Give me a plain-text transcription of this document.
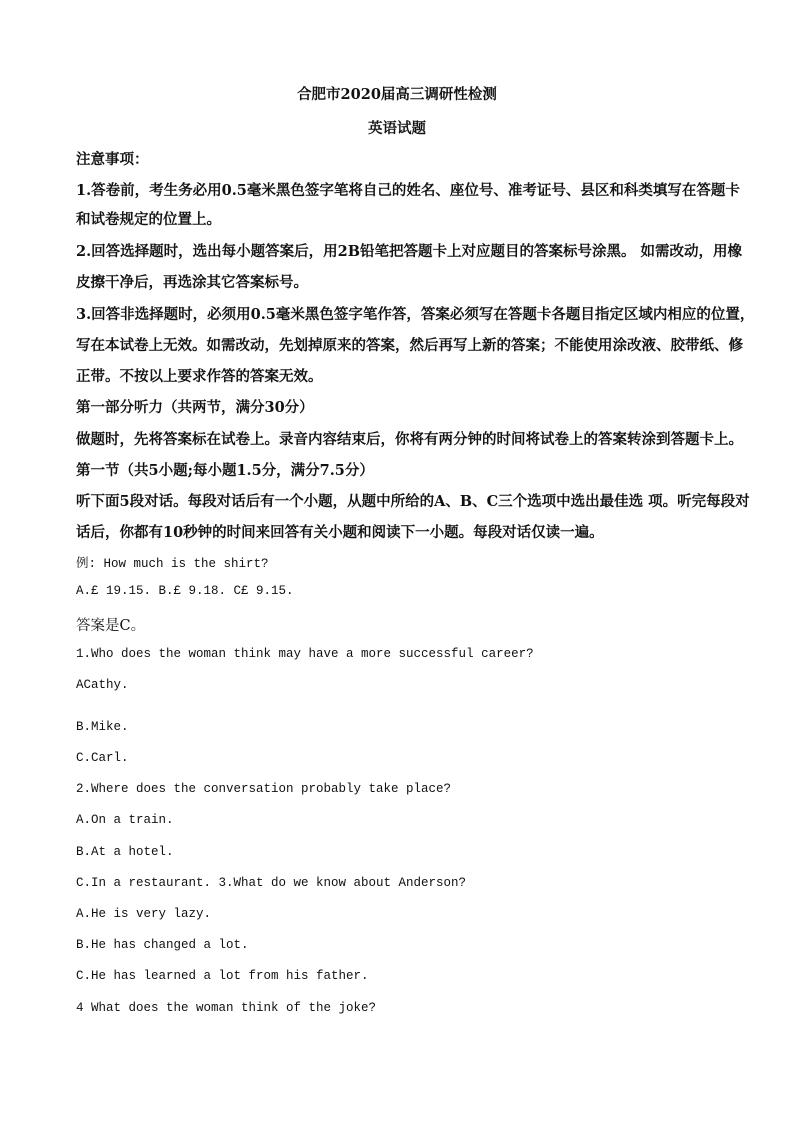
合肥市2020届高三调研性检测
英语试题
注意事项：
1.答卷前，考生务必用0.5毫米黑色签字笔将自己的姓名、座位号、准考证号、县区和科类填写在答题卡
和试卷规定的位置上。
2.回答选择题时，选出每小题答案后，用2B铅笔把答题卡上对应题目的答案标号涂黑。 如需改动，用橡
皮擦干净后，再选涂其它答案标号。
3.回答非选择题时，必须用0.5毫米黑色签字笔作答，答案必须写在答题卡各题目指定区域内相应的位置，
写在本试卷上无效。如需改动，先划掉原来的答案，然后再写上新的答案；不能使用涂改液、胶带纸、修
正带。不按以上要求作答的答案无效。
第一部分听力（共两节，满分30分）
做题时，先将答案标在试卷上。录音内容结束后，你将有两分钟的时间将试卷上的答案转涂到答题卡上。
第一节（共5小题;每小题1.5分，满分7.5分）
听下面5段对话。每段对话后有一个小题，从题中所给的A、B、C三个选项中选出最佳选 项。听完每段对
话后，你都有10秒钟的时间来回答有关小题和阅读下一小题。每段对话仅读一遍。
例: How much is the shirt?
A.£ 19.15. B.£ 9.18. C£ 9.15.
答案是C。
1.Who does the woman think may have a more successful career?
ACathy.
B.Mike.
C.Carl.
2.Where does the conversation probably take place?
A.On a train.
B.At a hotel.
C.In a restaurant. 3.What do we know about Anderson?
A.He is very lazy.
B.He has changed a lot.
C.He has learned a lot from his father.
4 What does the woman think of the joke?
